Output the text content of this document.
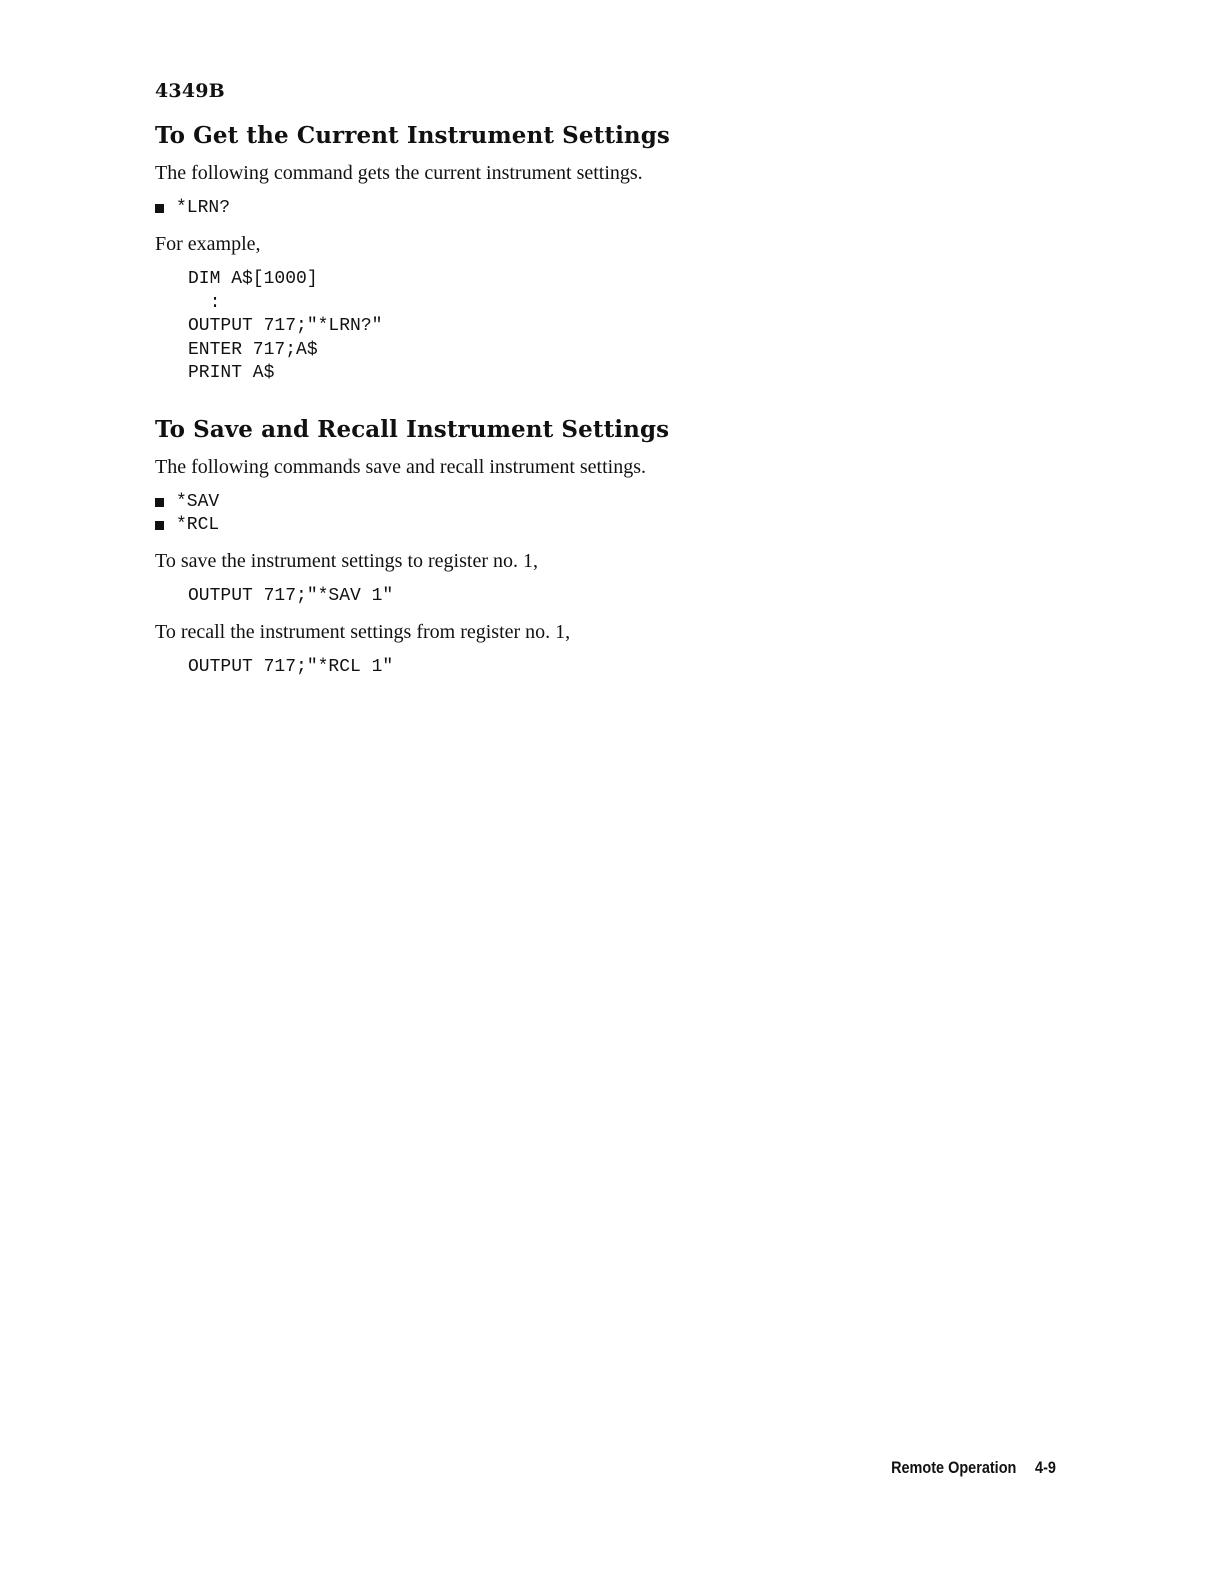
4349B
To Get the Current Instrument Settings

The following command gets the current instrument settings.

*LRN?

For example,

DIM A$[1000]
:
OUTPUT 717;"*LRN?"
ENTER 717;A$
PRINT A$
To Save and Recall Instrument Settings

The following commands save and recall instrument settings.

*SAV
*RCL

To save the instrument settings to register no. 1,

OUTPUT 717;"*SAV 1"

To recall the instrument settings from register no. 1,

OUTPUT 717;"*RCL 1"
Remote Operation 4-9
